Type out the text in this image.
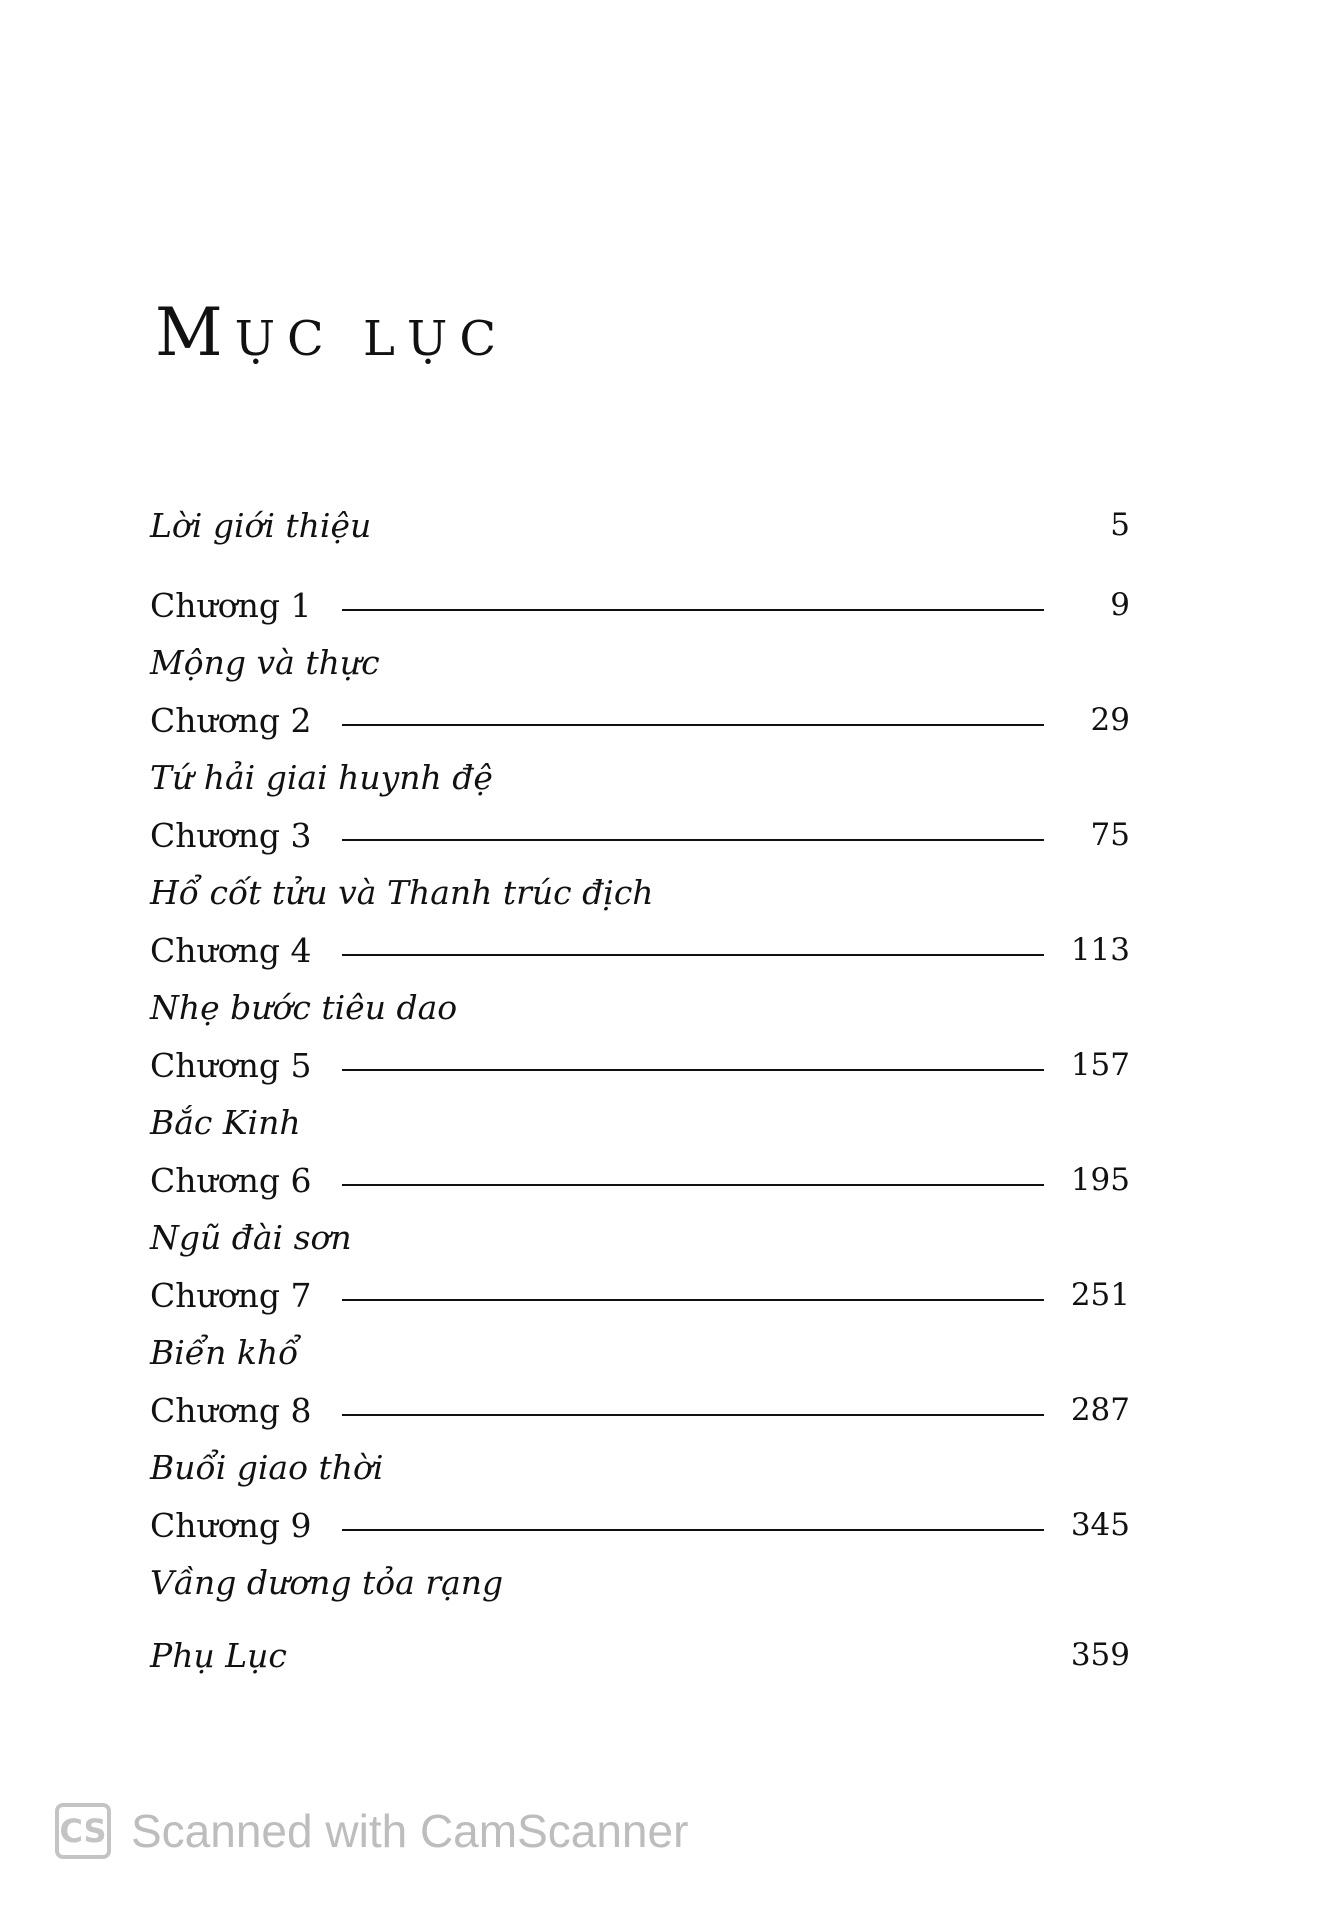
MỤC LỤC
Lời giới thiệu	5
Chương 1	9
Mộng và thực
Chương 2	29
Tứ hải giai huynh đệ
Chương 3	75
Hổ cốt tửu và Thanh trúc địch
Chương 4	113
Nhẹ bước tiêu dao
Chương 5	157
Bắc Kinh
Chương 6	195
Ngũ đài sơn
Chương 7	251
Biển khổ
Chương 8	287
Buổi giao thời
Chương 9	345
Vầng dương tỏa rạng
Phụ Lục	359
CS Scanned with CamScanner
